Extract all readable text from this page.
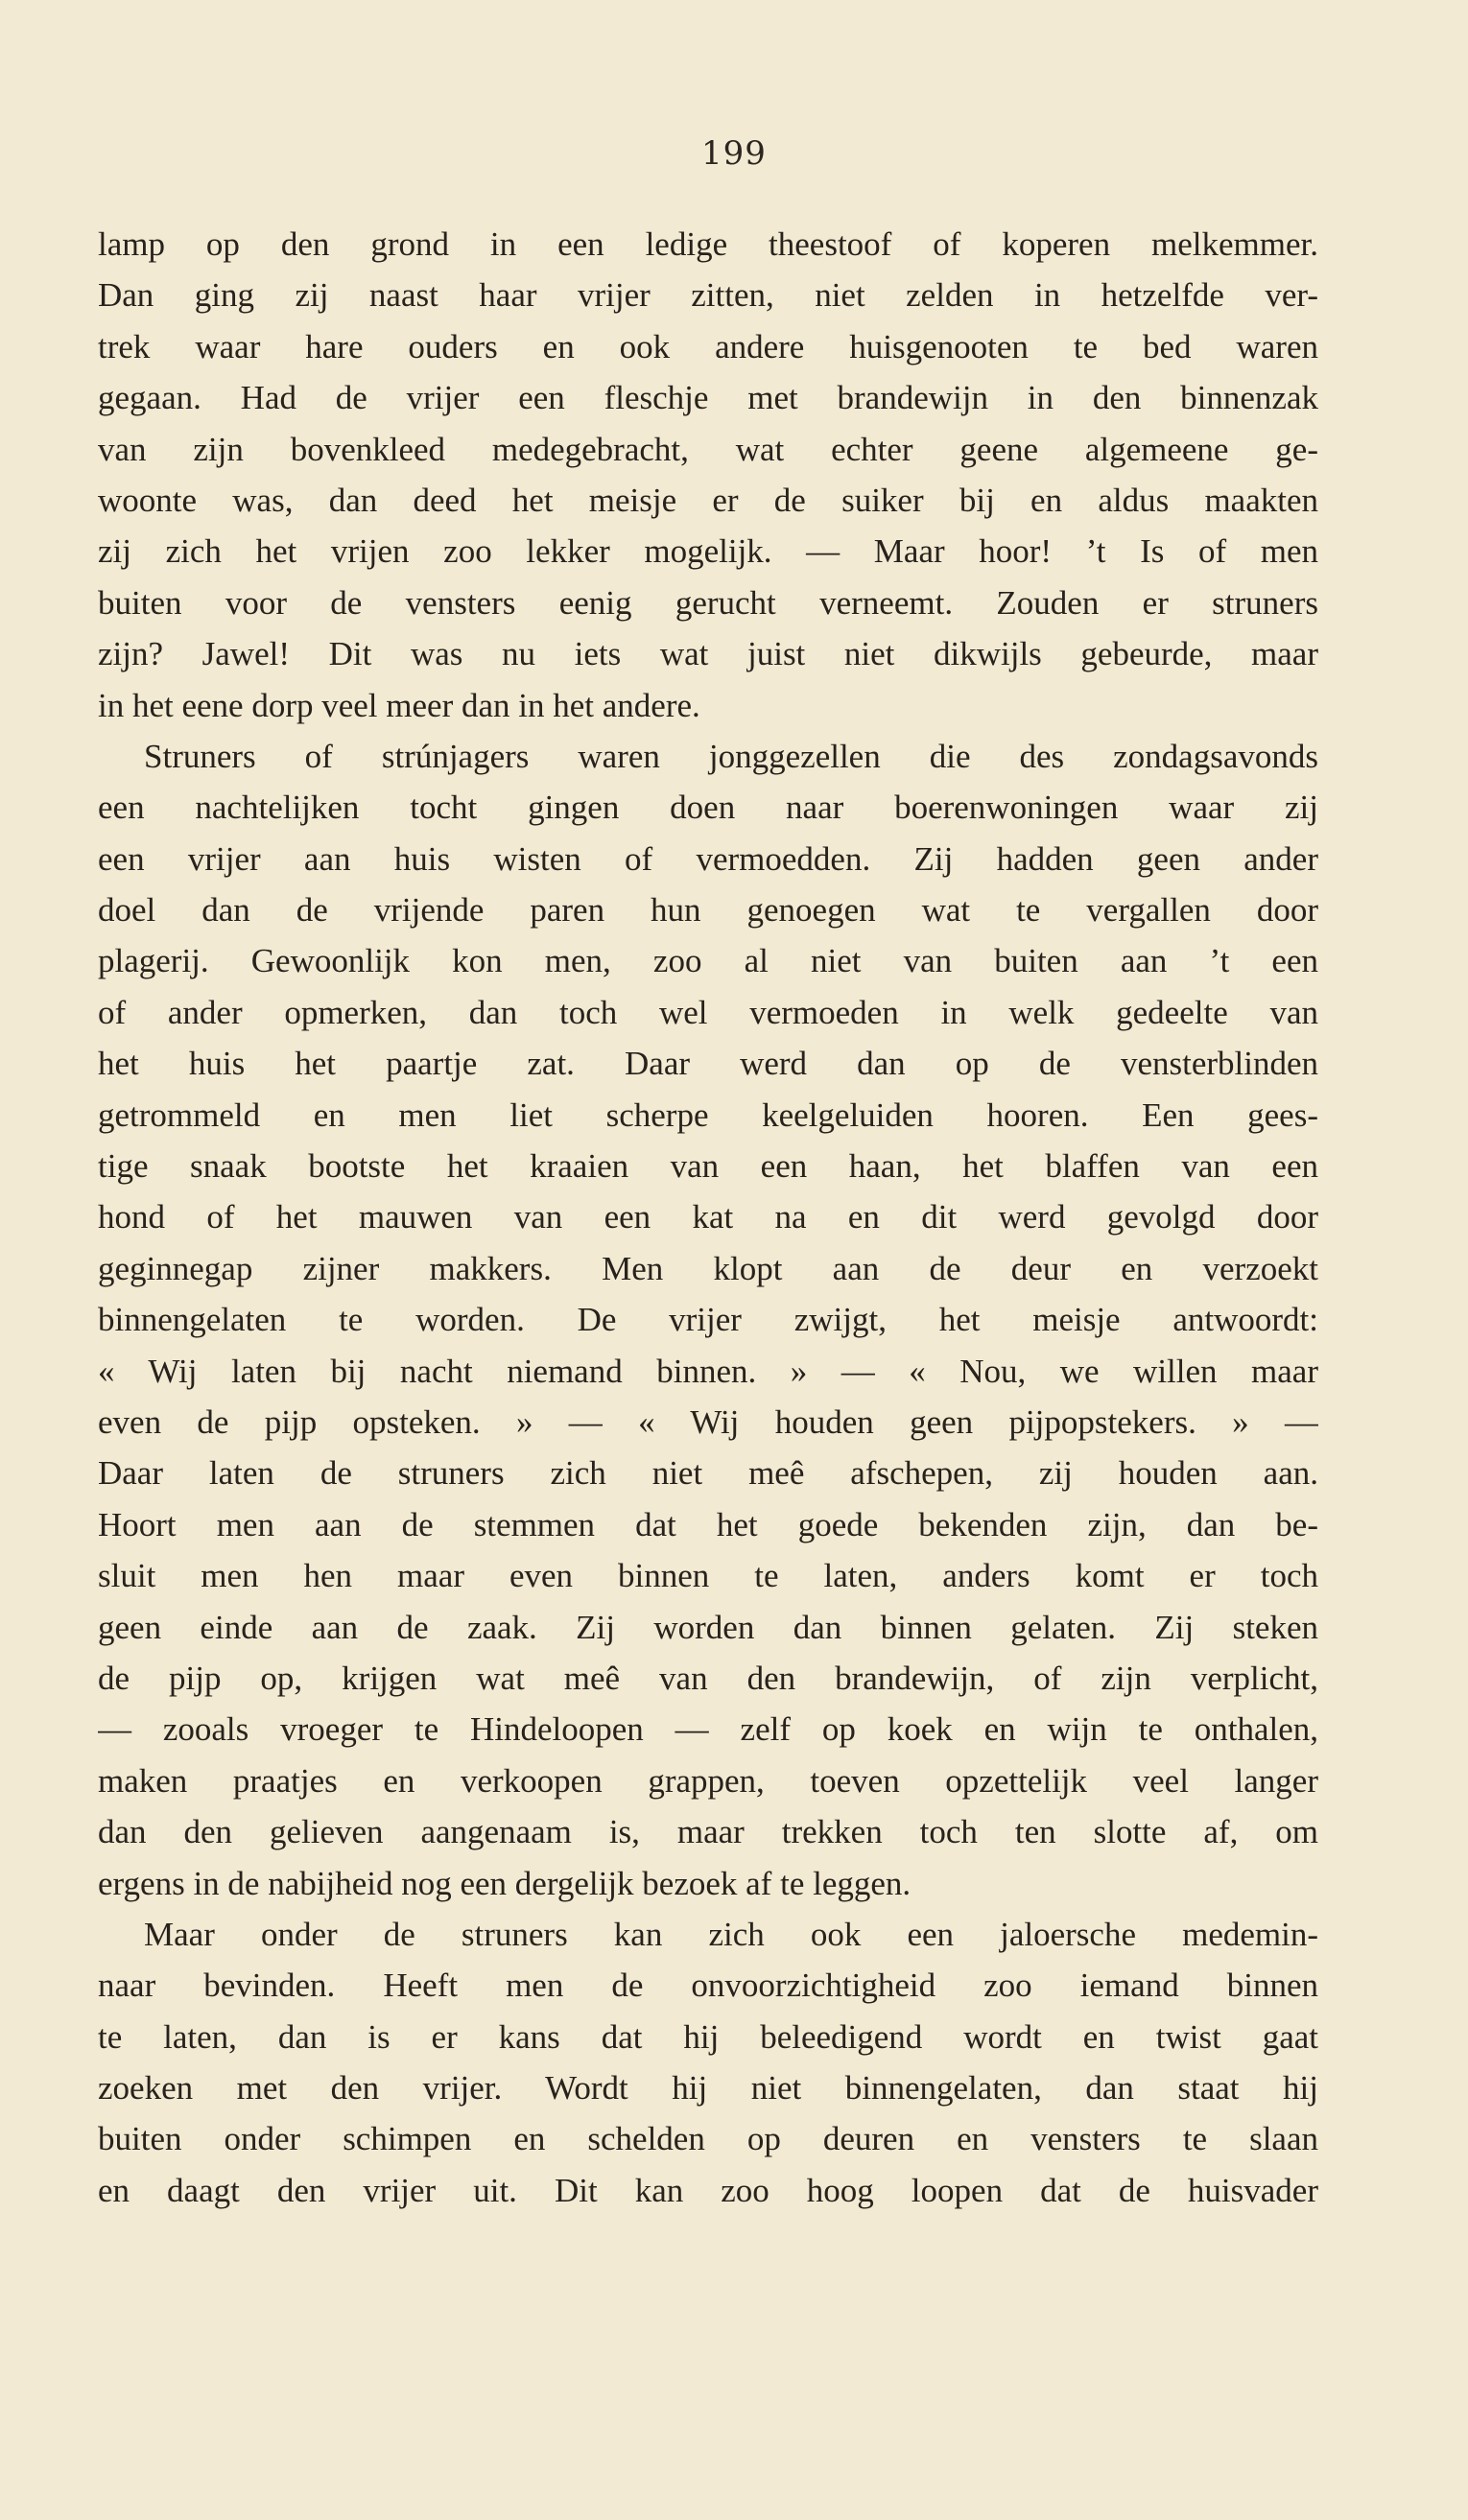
199
lamp op den grond in een ledige theestoof of koperen melkemmer.
Dan ging zij naast haar vrijer zitten, niet zelden in hetzelfde ver-
trek waar hare ouders en ook andere huisgenooten te bed waren
gegaan. Had de vrijer een fleschje met brandewijn in den binnenzak
van zijn bovenkleed medegebracht, wat echter geene algemeene ge-
woonte was, dan deed het meisje er de suiker bij en aldus maakten
zij zich het vrijen zoo lekker mogelijk. — Maar hoor! ’t Is of men
buiten voor de vensters eenig gerucht verneemt. Zouden er struners
zijn? Jawel! Dit was nu iets wat juist niet dikwijls gebeurde, maar
in het eene dorp veel meer dan in het andere.
Struners of strúnjagers waren jonggezellen die des zondagsavonds
een nachtelijken tocht gingen doen naar boerenwoningen waar zij
een vrijer aan huis wisten of vermoedden. Zij hadden geen ander
doel dan de vrijende paren hun genoegen wat te vergallen door
plagerij. Gewoonlijk kon men, zoo al niet van buiten aan ’t een
of ander opmerken, dan toch wel vermoeden in welk gedeelte van
het huis het paartje zat. Daar werd dan op de vensterblinden
getrommeld en men liet scherpe keelgeluiden hooren. Een gees-
tige snaak bootste het kraaien van een haan, het blaffen van een
hond of het mauwen van een kat na en dit werd gevolgd door
geginnegap zijner makkers. Men klopt aan de deur en verzoekt
binnengelaten te worden. De vrijer zwijgt, het meisje antwoordt:
« Wij laten bij nacht niemand binnen. » — « Nou, we willen maar
even de pijp opsteken. » — « Wij houden geen pijpopstekers. » —
Daar laten de struners zich niet meê afschepen, zij houden aan.
Hoort men aan de stemmen dat het goede bekenden zijn, dan be-
sluit men hen maar even binnen te laten, anders komt er toch
geen einde aan de zaak. Zij worden dan binnen gelaten. Zij steken
de pijp op, krijgen wat meê van den brandewijn, of zijn verplicht,
— zooals vroeger te Hindeloopen — zelf op koek en wijn te onthalen,
maken praatjes en verkoopen grappen, toeven opzettelijk veel langer
dan den gelieven aangenaam is, maar trekken toch ten slotte af, om
ergens in de nabijheid nog een dergelijk bezoek af te leggen.
Maar onder de struners kan zich ook een jaloersche medemin-
naar bevinden. Heeft men de onvoorzichtigheid zoo iemand binnen
te laten, dan is er kans dat hij beleedigend wordt en twist gaat
zoeken met den vrijer. Wordt hij niet binnengelaten, dan staat hij
buiten onder schimpen en schelden op deuren en vensters te slaan
en daagt den vrijer uit. Dit kan zoo hoog loopen dat de huisvader
